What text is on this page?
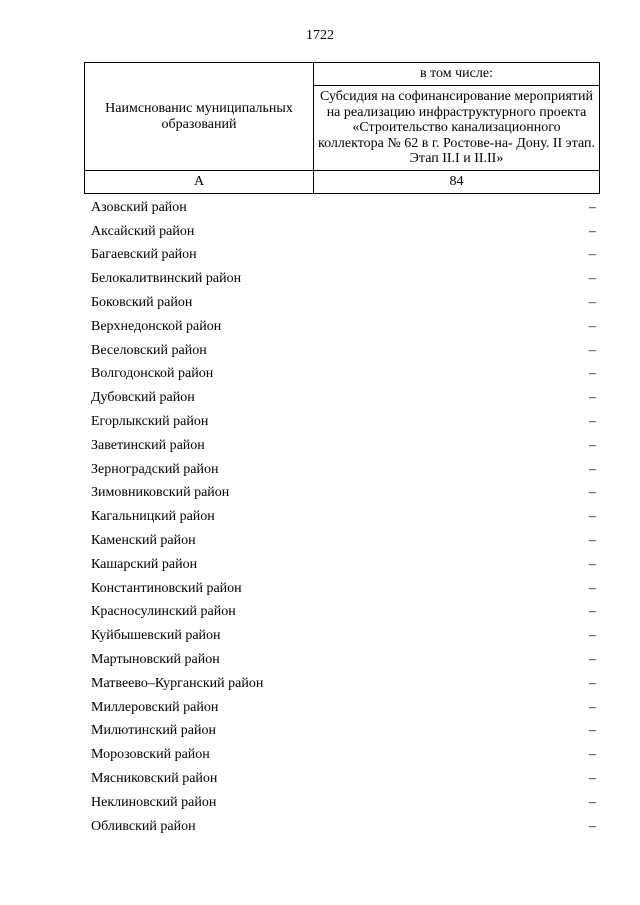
1722
Наимснованис муниципальных образований	в том числе:
	Субсидия на софинансирование мероприятий на реализацию инфраструктурного проекта «Строительство канализационного коллектора № 62 в г. Ростове-на- Дону. II этап. Этап II.I и II.II»
А	84
Азовский район	–
Аксайский район	–
Багаевский район	–
Белокалитвинский район	–
Боковский район	–
Верхнедонской район	–
Веселовский район	–
Волгодонской район	–
Дубовский район	–
Егорлыкский район	–
Заветинский район	–
Зерноградский район	–
Зимовниковский район	–
Кагальницкий район	–
Каменский район	–
Кашарский район	–
Константиновский район	–
Красносулинский район	–
Куйбышевский район	–
Мартыновский район	–
Матвеево–Курганский район	–
Миллеровский район	–
Милютинский район	–
Морозовский район	–
Мясниковский район	–
Неклиновский район	–
Обливский район	–
